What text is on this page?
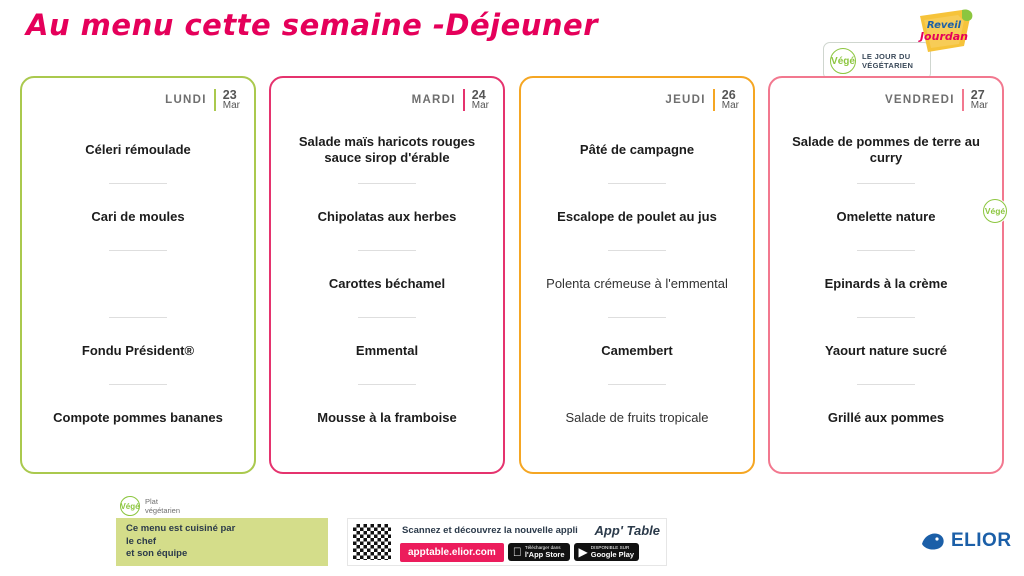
Au menu cette semaine -Déjeuner
Végé LE JOUR DU
VÉGÉTARIEN
Reveil
Jourdan
LUNDI 23
Mar
Céleri rémoulade
Cari de moules
Fondu Président®
Compote pommes bananes
MARDI 24
Mar
Salade maïs haricots rouges sauce sirop d'érable
Chipolatas aux herbes
Carottes béchamel
Emmental
Mousse à la framboise
JEUDI 26
Mar
Pâté de campagne
Escalope de poulet au jus
Polenta crémeuse à l'emmental
Camembert
Salade de fruits tropicale
VENDREDI 27
Mar
Salade de pommes de terre au curry
Omelette nature
Epinards à la crème
Yaourt nature sucré
Grillé aux pommes
Végé
Végé
Plat
végétarien
Ce menu est cuisiné par
le chef
et son équipe
Scannez et découvrez la nouvelle appli App' Table
apptable.elior.com	Télécharger dans
l'App Store ▶ DISPONIBLE SUR
Google Play
ELIOR
